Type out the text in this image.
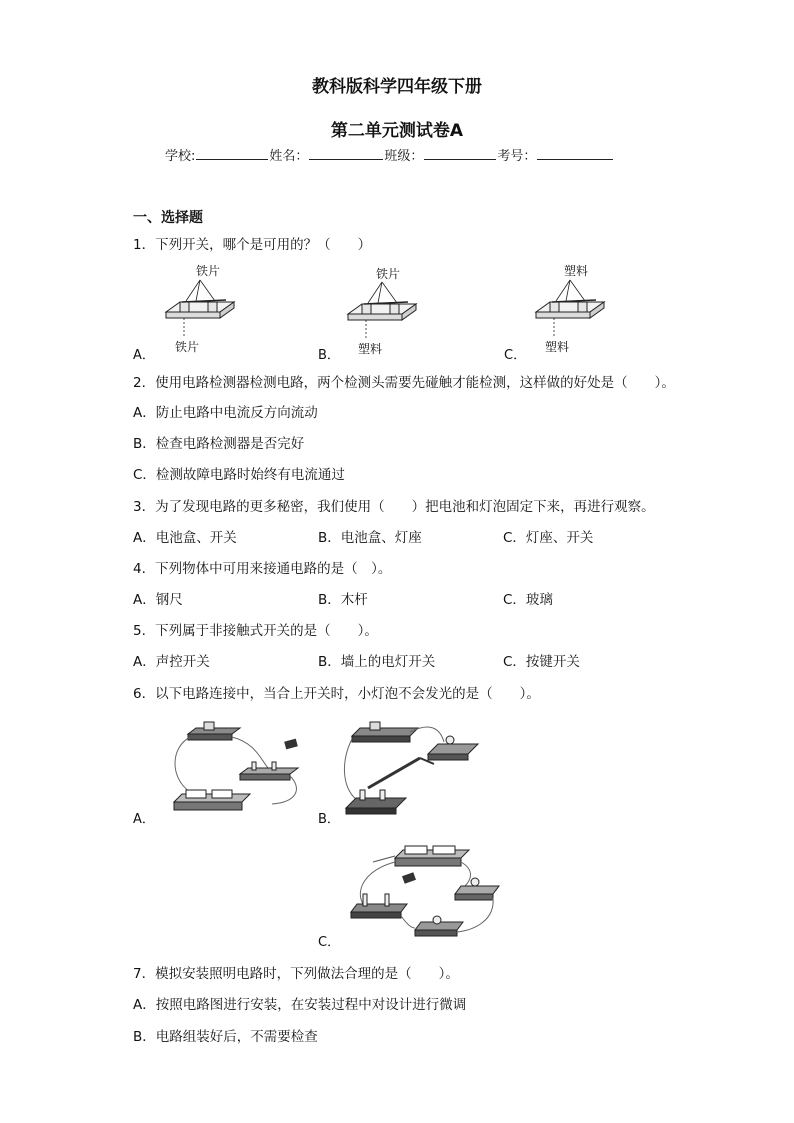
教科版科学四年级下册
第二单元测试卷A
学校:	姓名：	班级：	考号：
一、选择题
1．下列开关，哪个是可用的？（　　）
A．
铁片
铁片
B．
铁片
塑料	C．
塑料
塑料
2．使用电路检测器检测电路，两个检测头需要先碰触才能检测，这样做的好处是（　　）。
A．防止电路中电流反方向流动
B．检查电路检测器是否完好
C．检测故障电路时始终有电流通过
3．为了发现电路的更多秘密，我们使用（　　）把电池和灯泡固定下来，再进行观察。
A．电池盒、开关	B．电池盒、灯座	C．灯座、开关
4．下列物体中可用来接通电路的是（　）。
A．钢尺	B．木杆	C．玻璃
5．下列属于非接触式开关的是（　　）。
A．声控开关	B．墙上的电灯开关	C．按键开关
6．以下电路连接中，当合上开关时，小灯泡不会发光的是（　　）。
A．	B．
C．
7．模拟安装照明电路时，下列做法合理的是（　　）。
A．按照电路图进行安装，在安装过程中对设计进行微调
B．电路组装好后，不需要检查
